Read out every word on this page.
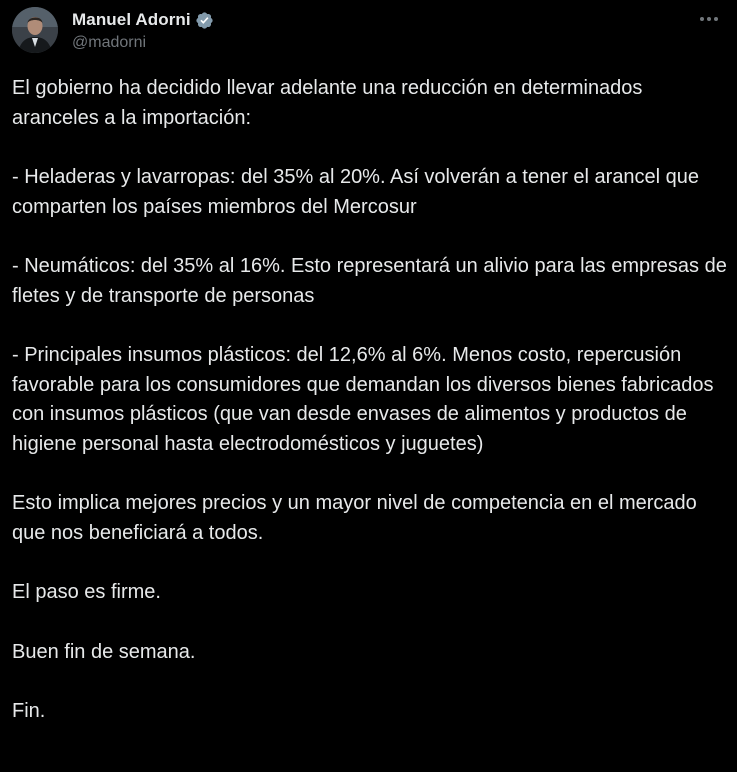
Manuel Adorni
@madorni

El gobierno ha decidido llevar adelante una reducción en determinados aranceles a la importación:

- Heladeras y lavarropas: del 35% al 20%. Así volverán a tener el arancel que comparten los países miembros del Mercosur

- Neumáticos: del 35% al 16%. Esto representará un alivio para las empresas de fletes y de transporte de personas

- Principales insumos plásticos: del 12,6% al 6%. Menos costo, repercusión favorable para los consumidores que demandan los diversos bienes fabricados con insumos plásticos (que van desde envases de alimentos y productos de higiene personal hasta electrodomésticos y juguetes)

Esto implica mejores precios y un mayor nivel de competencia en el mercado que nos beneficiará a todos.

El paso es firme.

Buen fin de semana.

Fin.
